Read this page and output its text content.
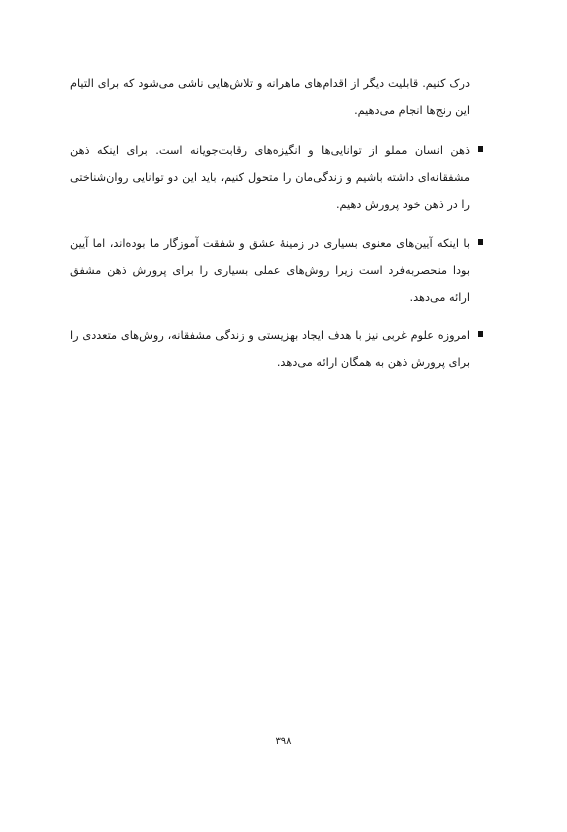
درک کنیم. قابلیت دیگر از اقدام‌های ماهرانه و تلاش‌هایی ناشی می‌شود که برای التیام این رنج‌ها انجام می‌دهیم.

ذهن انسان مملو از توانایی‌ها و انگیزه‌های رقابت‌جویانه است. برای اینکه ذهن مشفقانه‌ای داشته باشیم و زندگی‌مان را متحول کنیم، باید این دو توانایی روان‌شناختی را در ذهن خود پرورش دهیم.

با اینکه آیین‌های معنوی بسیاری در زمینهٔ عشق و شفقت آموزگار ما بوده‌اند، اما آیین بودا منحصربه‌فرد است زیرا روش‌های عملی بسیاری را برای پرورش ذهن مشفق ارائه می‌دهد.

امروزه علوم غربی نیز با هدف ایجاد بهزیستی و زندگی مشفقانه، روش‌های متعددی را برای پرورش ذهن به همگان ارائه می‌دهد.

۳۹۸
